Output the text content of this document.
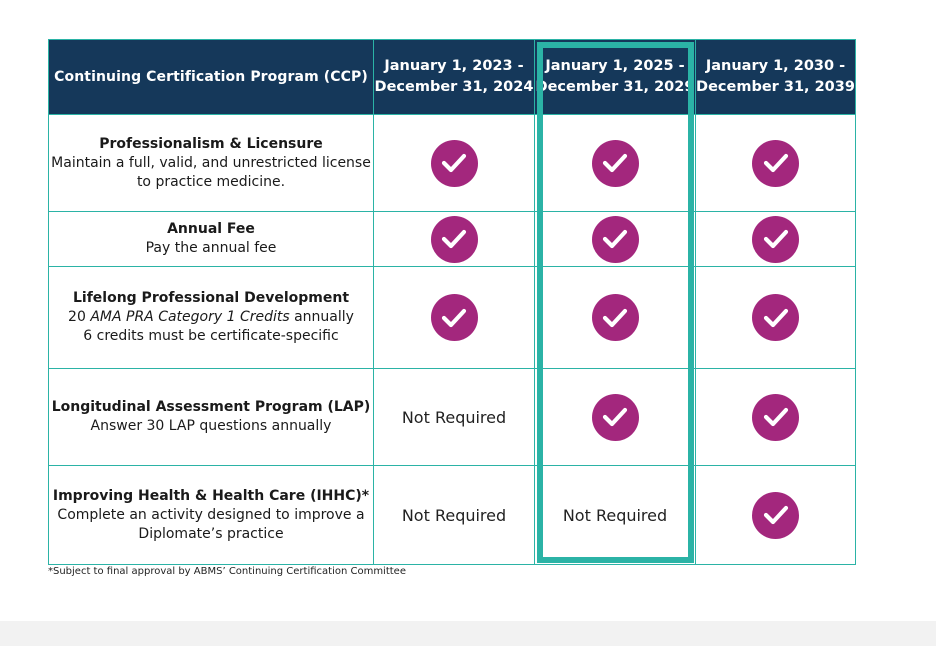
Continuing Certification Program (CCP)
January 1, 2023 -
December 31, 2024
January 1, 2025 -
December 31, 2029
January 1, 2030 -
December 31, 2039
Professionalism & Licensure
Maintain a full, valid, and unrestricted license
to practice medicine.
Annual Fee
Pay the annual fee
Lifelong Professional Development
20 AMA PRA Category 1 Credits annually
6 credits must be certificate-specific
Longitudinal Assessment Program (LAP)
Answer 30 LAP questions annually	Not Required
Improving Health & Health Care (IHHC)*
Complete an activity designed to improve a
Diplomate’s practice
Not Required	Not Required
*Subject to final approval by ABMS’ Continuing Certification Committee
